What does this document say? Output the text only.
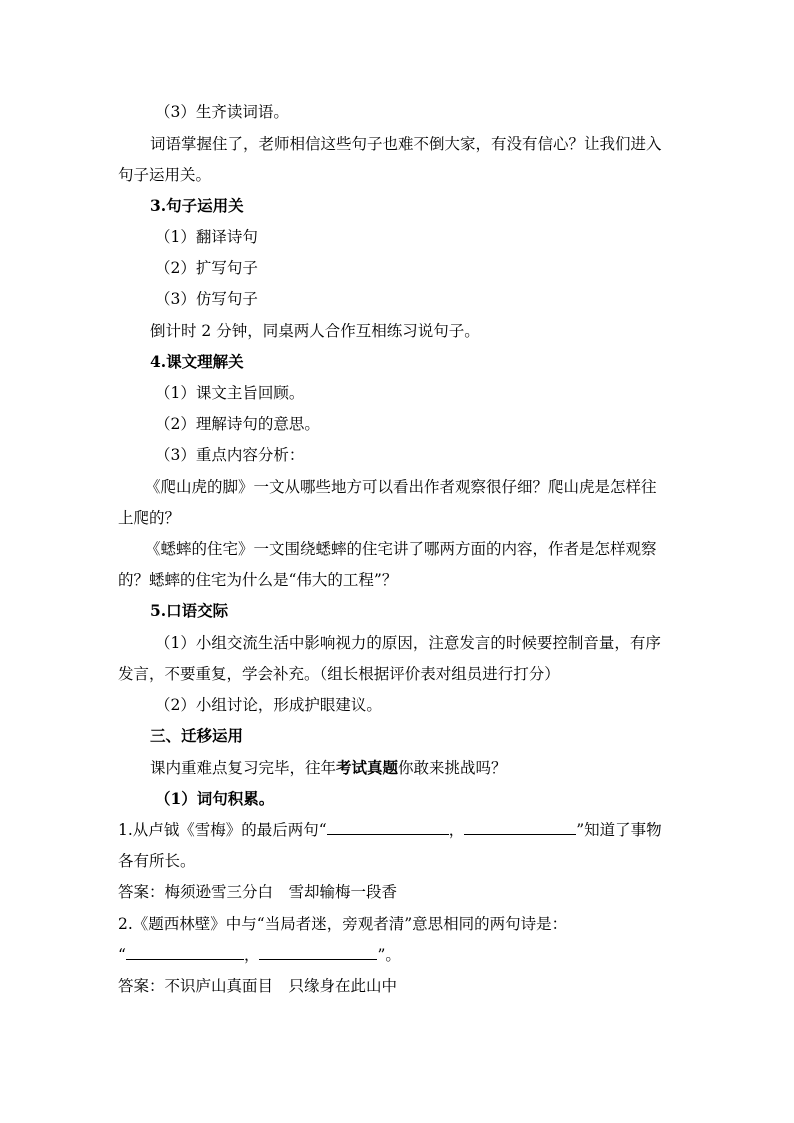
（3）生齐读词语。
词语掌握住了，老师相信这些句子也难不倒大家，有没有信心？让我们进入
句子运用关。
3.句子运用关
（1）翻译诗句
（2）扩写句子
（3）仿写句子
倒计时 2 分钟，同桌两人合作互相练习说句子。
4.课文理解关
（1）课文主旨回顾。
（2）理解诗句的意思。
（3）重点内容分析：
《爬山虎的脚》一文从哪些地方可以看出作者观察很仔细？爬山虎是怎样往
上爬的？
《蟋蟀的住宅》一文围绕蟋蟀的住宅讲了哪两方面的内容，作者是怎样观察
的？蟋蟀的住宅为什么是“伟大的工程”？
5.口语交际
（1）小组交流生活中影响视力的原因，注意发言的时候要控制音量，有序
发言，不要重复，学会补充。（组长根据评价表对组员进行打分）
（2）小组讨论，形成护眼建议。
三、迁移运用
课内重难点复习完毕，往年考试真题你敢来挑战吗？
（1）词句积累。
1.从卢钺《雪梅》的最后两句“	，	”知道了事物
各有所长。
答案：梅须逊雪三分白　雪却输梅一段香
2.《题西林壁》中与“当局者迷，旁观者清”意思相同的两句诗是：
“	，	”。
答案：不识庐山真面目　只缘身在此山中
